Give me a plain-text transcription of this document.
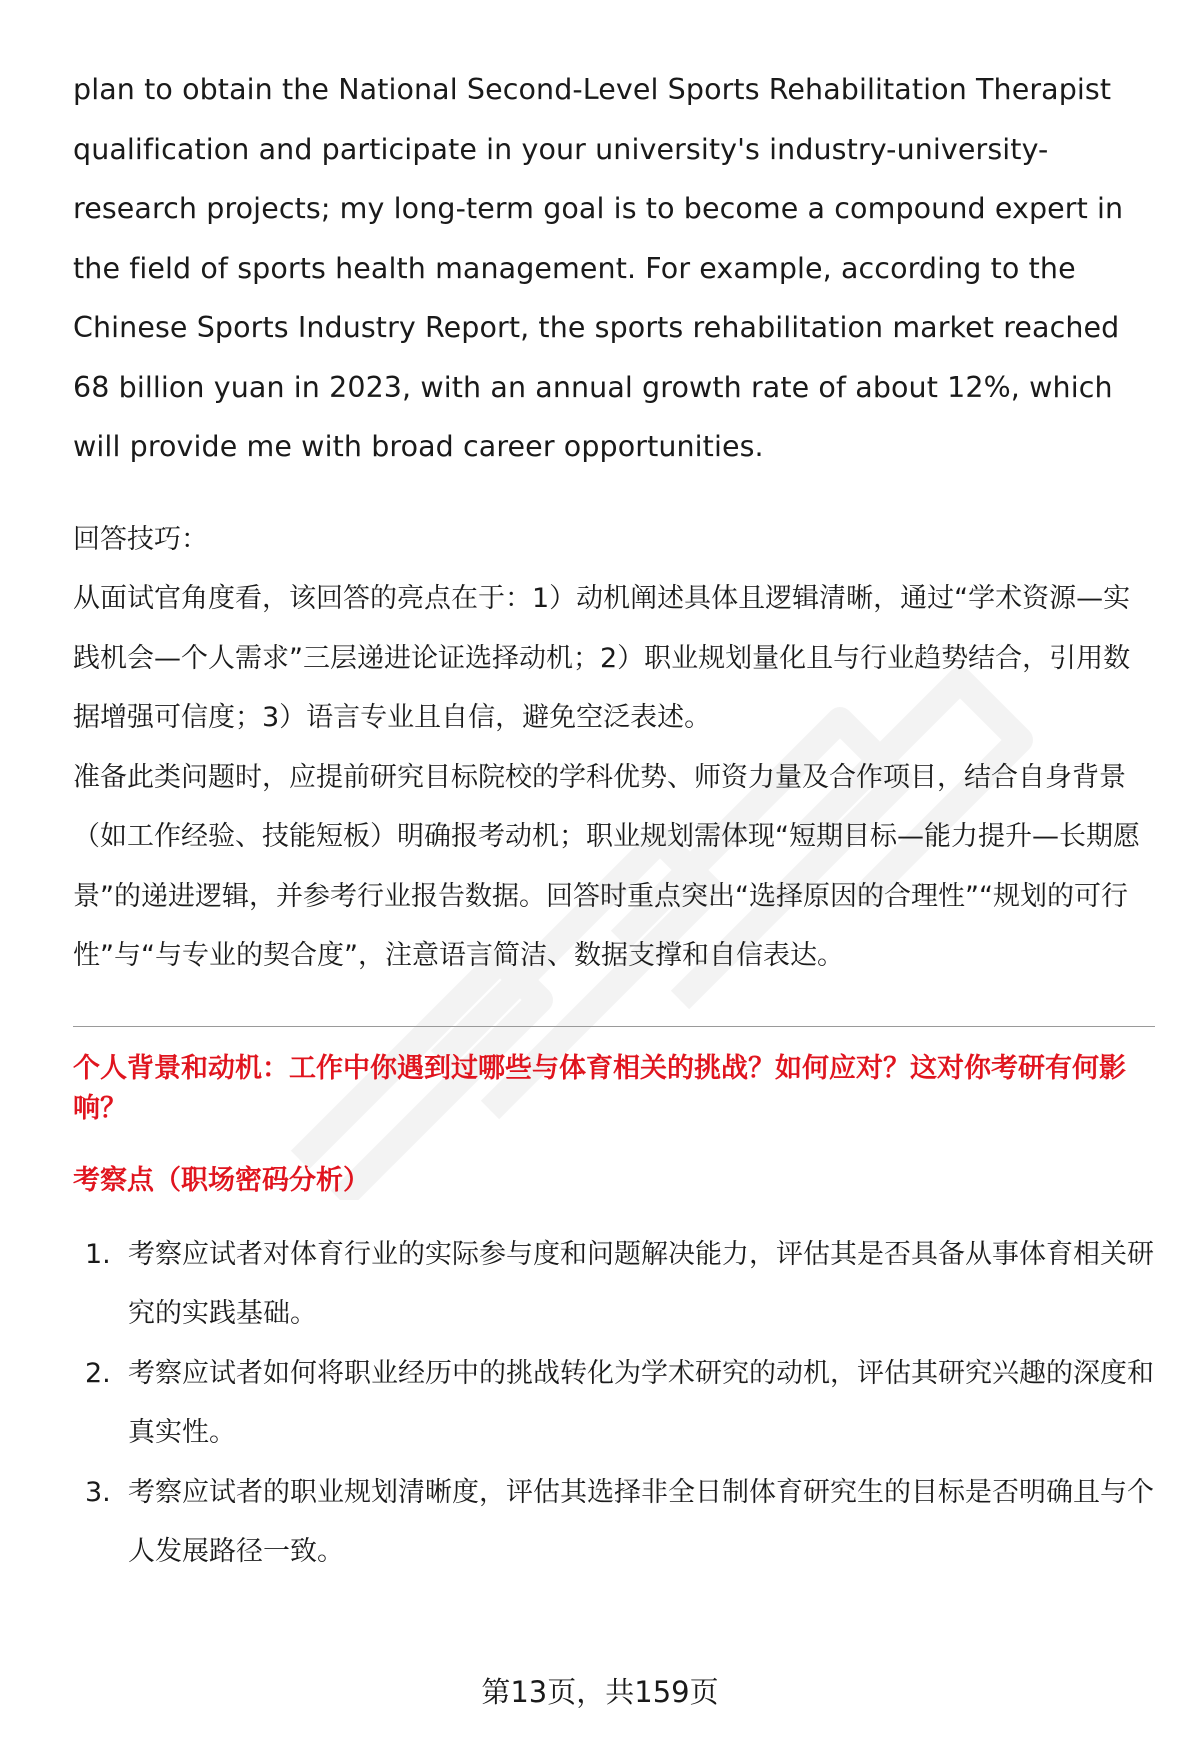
plan to obtain the National Second-Level Sports Rehabilitation Therapist qualification and participate in your university's industry-university-research projects; my long-term goal is to become a compound expert in the field of sports health management. For example, according to the Chinese Sports Industry Report, the sports rehabilitation market reached 68 billion yuan in 2023, with an annual growth rate of about 12%, which will provide me with broad career opportunities.

回答技巧：

从面试官角度看，该回答的亮点在于：1）动机阐述具体且逻辑清晰，通过“学术资源—实践机会—个人需求”三层递进论证选择动机；2）职业规划量化且与行业趋势结合，引用数据增强可信度；3）语言专业且自信，避免空泛表述。

准备此类问题时，应提前研究目标院校的学科优势、师资力量及合作项目，结合自身背景（如工作经验、技能短板）明确报考动机；职业规划需体现“短期目标—能力提升—长期愿景”的递进逻辑，并参考行业报告数据。回答时重点突出“选择原因的合理性”“规划的可行性”与“与专业的契合度”，注意语言简洁、数据支撑和自信表达。

个人背景和动机：工作中你遇到过哪些与体育相关的挑战？如何应对？这对你考研有何影响？

考察点（职场密码分析）

1. 考察应试者对体育行业的实际参与度和问题解决能力，评估其是否具备从事体育相关研究的实践基础。
2. 考察应试者如何将职业经历中的挑战转化为学术研究的动机，评估其研究兴趣的深度和真实性。
3. 考察应试者的职业规划清晰度，评估其选择非全日制体育研究生的目标是否明确且与个人发展路径一致。
第13页，共159页
